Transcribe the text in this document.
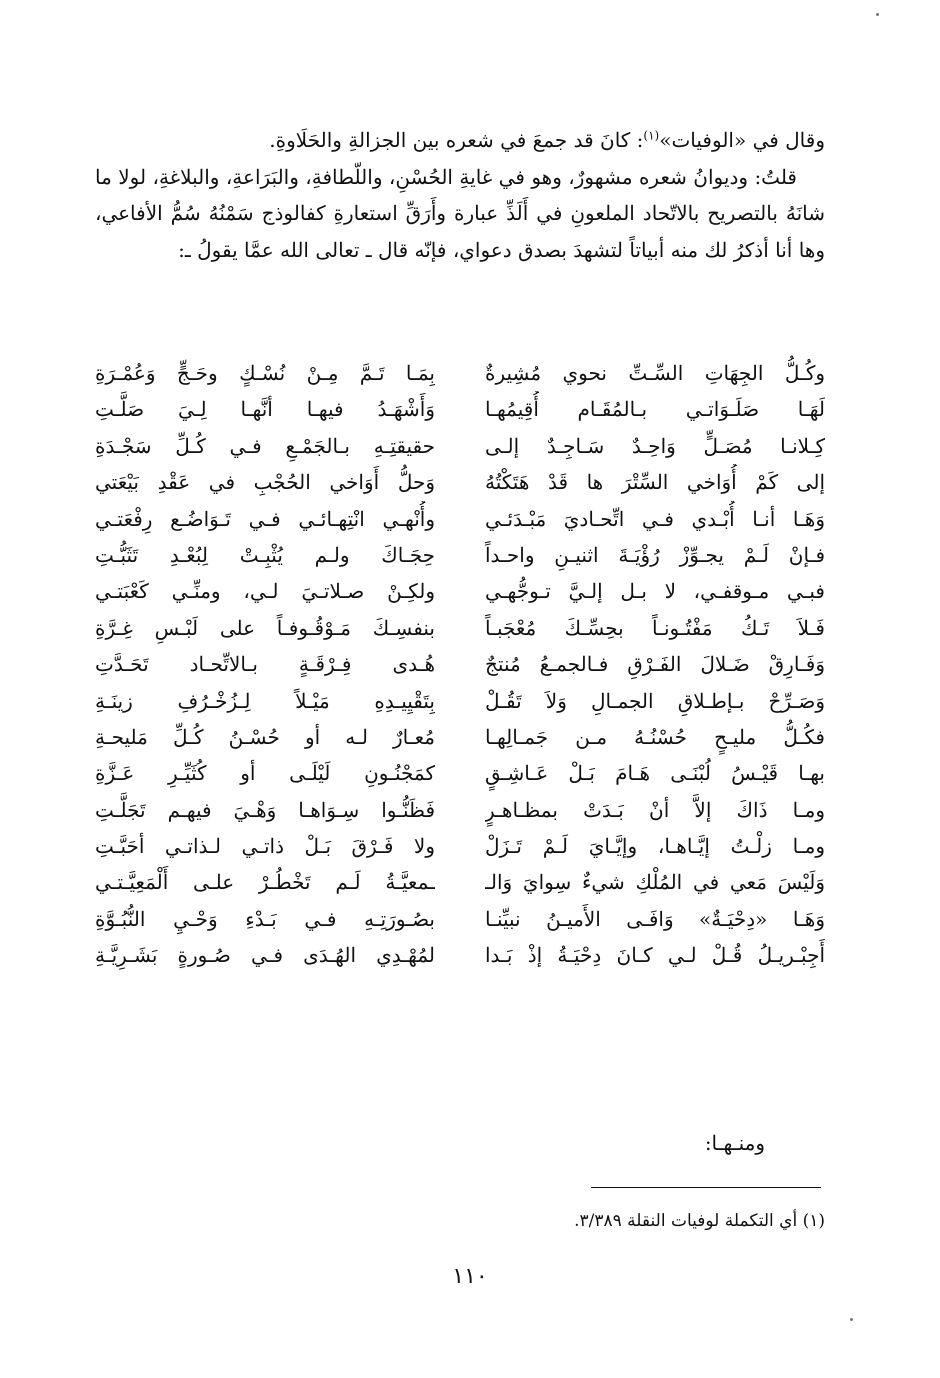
وقال في «الوفيات»$^{(١)}$: كانَ قد جمعَ في شعره بين الجزالةِ والحَلَاوةِ.

قلتُ: وديوانُ شعره مشهورٌ، وهو في غايةِ الحُسْنِ، واللّطافةِ، والبَرَاعةِ، والبلاغةِ، لولا ما شانَهُ بالتصريح بالاتّحاد الملعونِ في أَلَذِّ عبارة وأَرَقِّ استعارةِ كفالوذج سَمْنُهُ سُمُّ الأفاعي، وها أنا أذكرُ لك منه أبياتاً لتشهدَ بصدق دعواي، فإنّه قال ـ تعالى الله عمَّا يقولُ ـ:

وكُـلُّ الجِهَاتِ السِّـتِّ نحوي مُشِيرةٌ
بِمَـا تَـمَّ مِـنْ نُسْـكٍ وحَـجٍّ وَعُمْـرَةِ
لَهَـا صَلَـوَاتـي بـالمُقَـام أُقِيمُهـا
وَأَشْهَـدُ فيهـا أنَّهـا لِـيَ صَلَّـتِ
كِـلانـا مُصَـلٍّ وَاحِـدٌ سَـاجِـدٌ إلـى
حقيقتِـهِ بـالجَمْـعِ فـي كُـلِّ سَجْـدَةِ
إلى كَمْ أُوَاخي السِّتْرَ ها قَدْ هَتَكْتُهُ
وَحلُّ أَوَاخي الحُجْبِ في عَقْدِ بَيْعَتي
وَهَـا أنـا أُبْـدي فـي اتِّحـاديَ مَبْـدَئـي
وأُنْهـي انْتِهـائـي فـي تَـوَاضُـع رِفْعَتـي
فـإنْ لَـمْ يجـوِّزْ رُؤْيَـةَ اثنيـنِ واحـداً
حِجَـاكَ ولـم يُثْبِـتْ لِبُعْـدِ تَثَبُّـتِ
فبـي مـوقفـي، لا بـل إلـيَّ تـوجُّهـي
ولكِـنْ صـلاتـيَ لـي، ومنِّـي كَعْبَتـي
فَـلاَ تَـكُ مَفْتُـونـاً بحِسِّـكَ مُعْجَبـاً
بنفسِـكَ مَـوْقُـوفـاً على لَبْـسِ غِـرَّةِ
وَفَـارِقْ ضَـلالَ الفَـرْقِ فـالجمـعُ مُنتجٌ
هُـدى فِـرْقَـةٍ بـالاتِّحـاد تَحَـدَّتِ
وَصَـرِّحْ بـإطـلاقِ الجمـالِ وَلاَ تَقُـلْ
بِتَقْيِيـدِهِ مَيْـلاً لِـزُخْـرُفِ زينَـةِ
فكُـلُّ مليـحٍ حُسْنُـهُ مـن جَمـالِهـا
مُعـارٌ لـه أو حُسْـنُ كُـلِّ مَليحـةِ
بهـا قَيْـسُ لُبْنَـى هَـامَ بَـلْ عَـاشِـقٍ
كمَجْنُـونِ لَيْلَـى أو كُثَيِّـرِ عَـزَّةِ
ومـا ذَاكَ إلاَّ أنْ بَـدَتْ بمظـاهـرٍ
فَظَنُّـوا سِـوَاهـا وَهْـيَ فيهـم تَجَلَّـتِ
ومـا زلْـتُ إيَّـاهـا، وإيَّـايَ لَـمْ تَـزَلْ
ولا فَـرْقَ بَـلْ ذاتـي لـذاتـي أحَبَّـتِ
وَلَيْسَ مَعي في المُلْكِ شيءٌ سِوايَ وَالـ
ـمعيَّـةُ لَـم تَخْطُـرْ علـى أَلْمَعِيَّـتـي
وَهَـا «دِحْيَـةٌ» وَافَـى الأَميـنُ نبيِّنـا
بصُـورَتِـهِ فـي بَـدْءِ وَحْـيِ النُّبُـوَّةِ
أَجِبْـريـلُ قُـلْ لـي كـانَ دِحْيَـةُ إذْ بَـدا
لمُهْـدِي الهُـدَى فـي صُـورةٍ بَشَـرِيَّـةِ
ومنـهـا:
(١) أي التكملة لوفيات النقلة ٣/٣٨٩.
١١٠
